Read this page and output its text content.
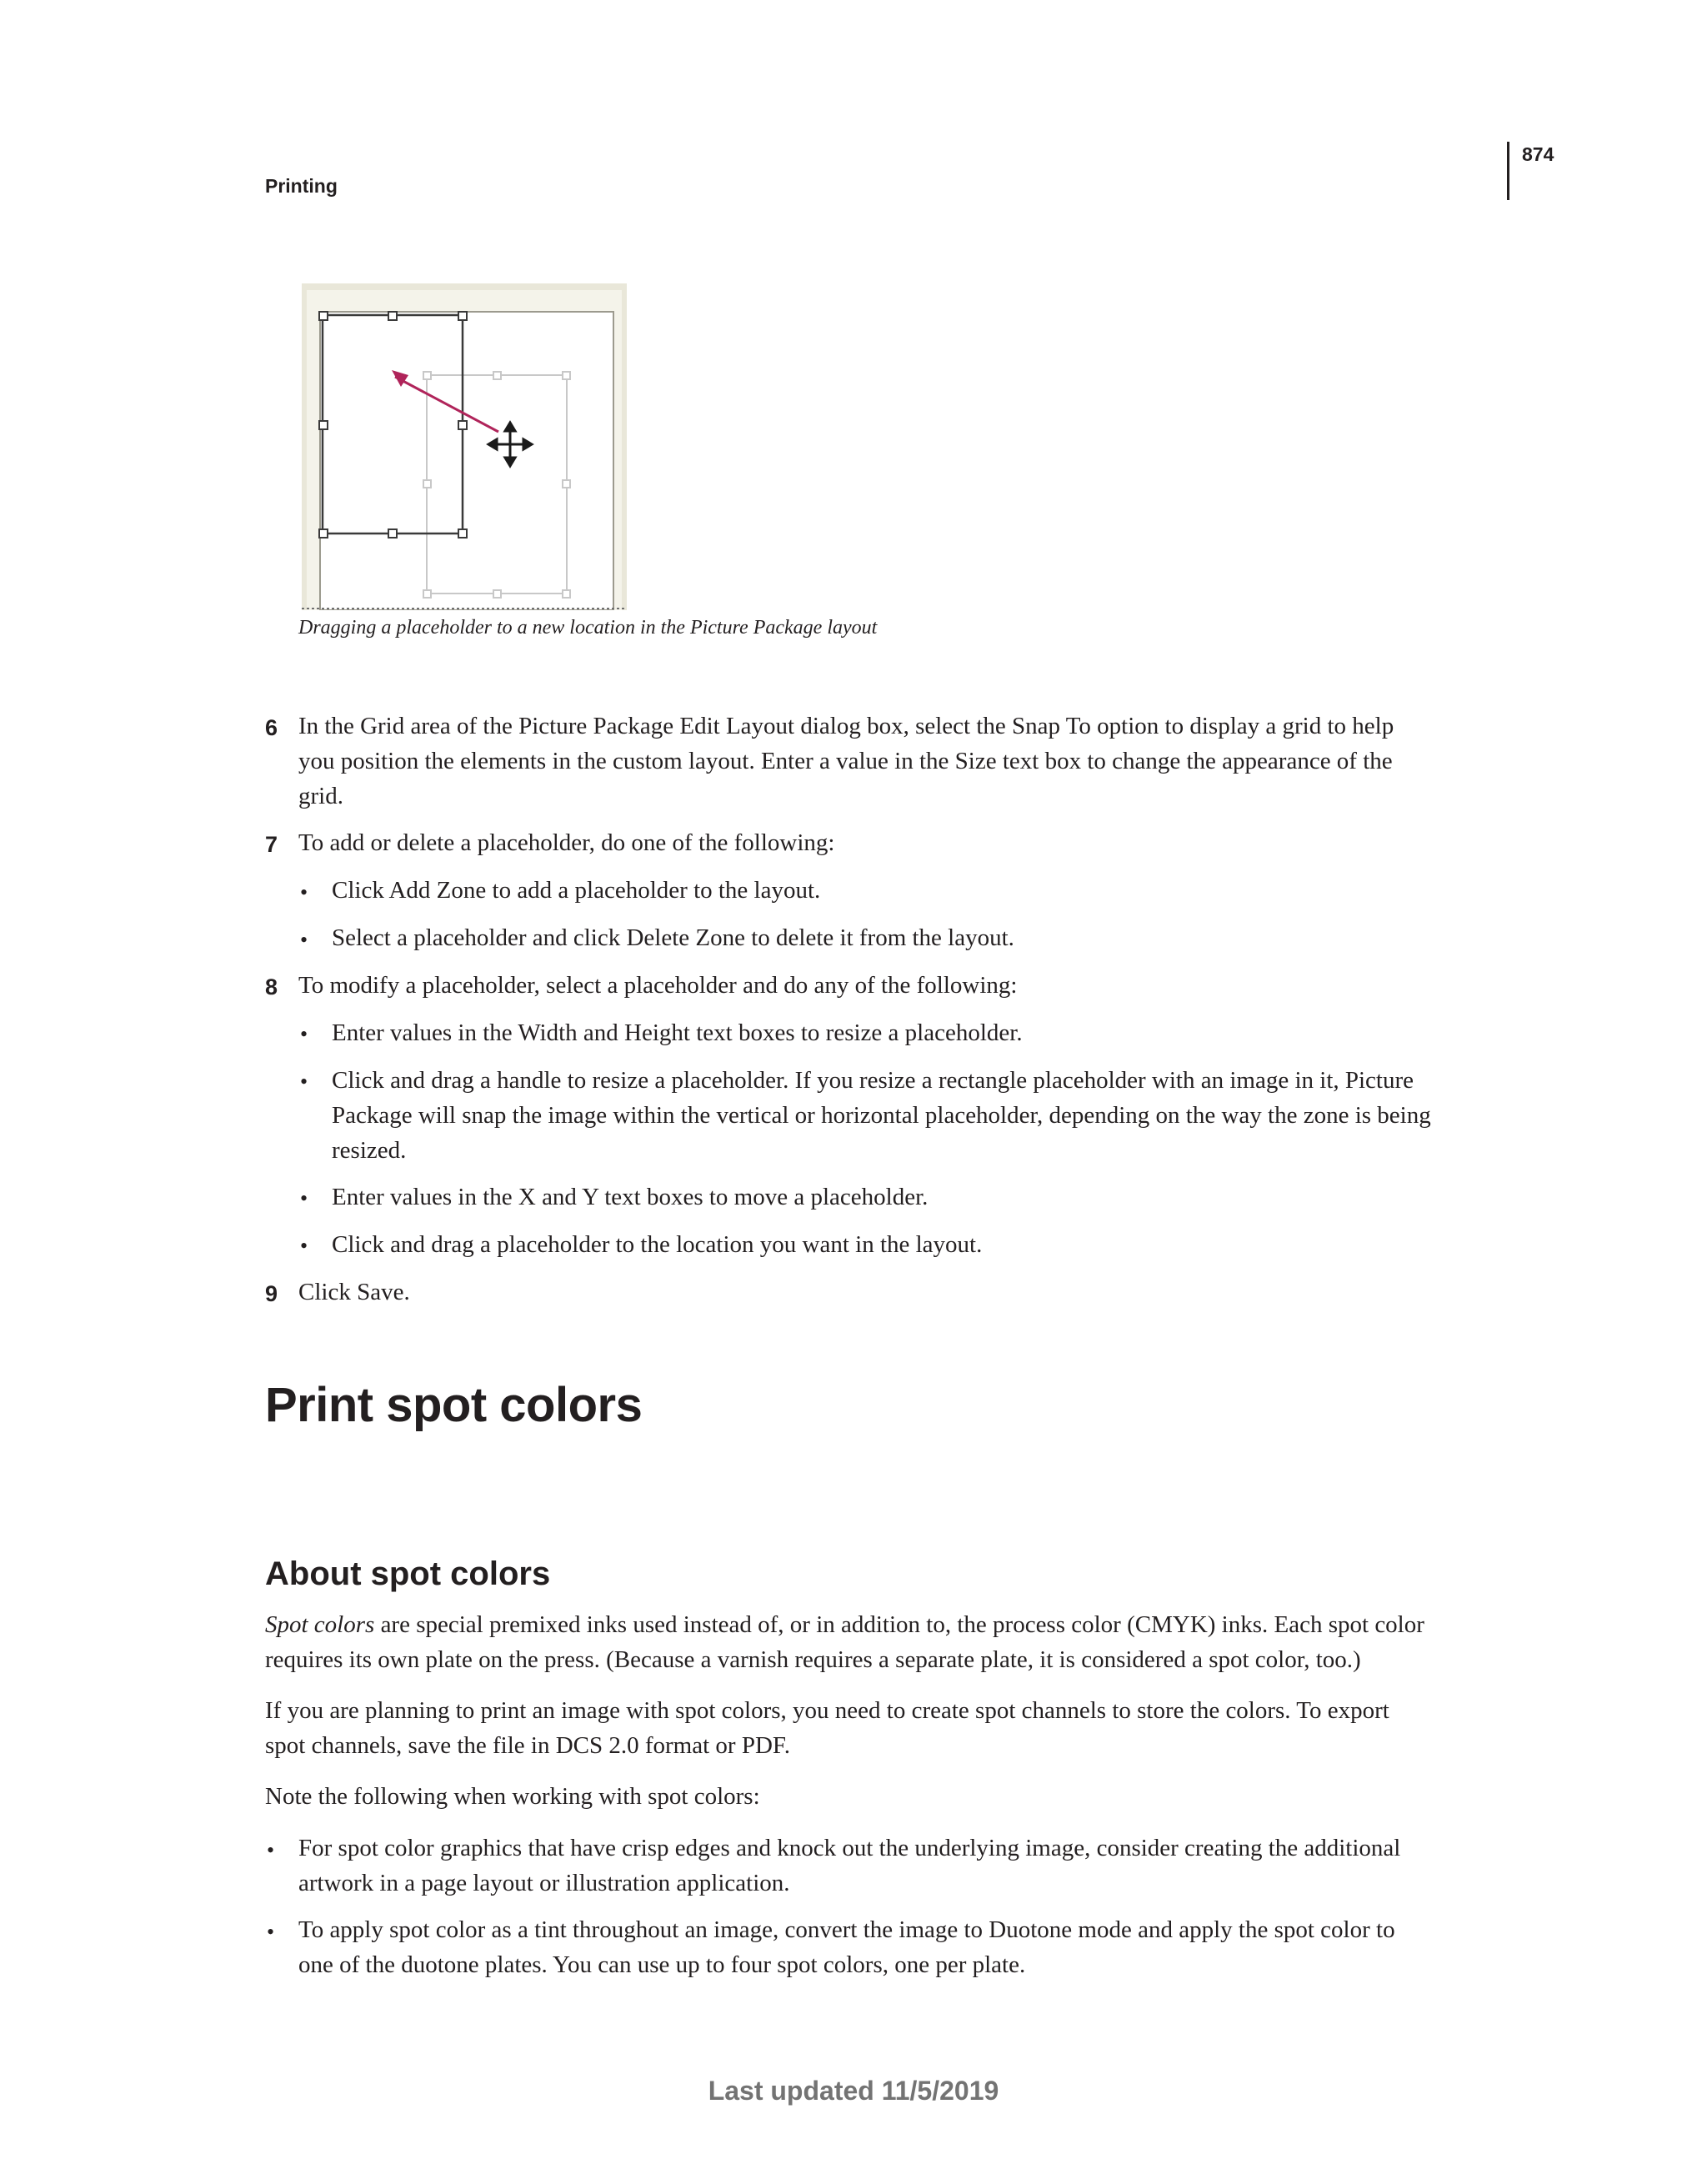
Printing
874
Dragging a placeholder to a new location in the Picture Package layout
6 In the Grid area of the Picture Package Edit Layout dialog box, select the Snap To option to display a grid to help
you position the elements in the custom layout. Enter a value in the Size text box to change the appearance of the
grid.
7 To add or delete a placeholder, do one of the following:
• Click Add Zone to add a placeholder to the layout.
• Select a placeholder and click Delete Zone to delete it from the layout.
8 To modify a placeholder, select a placeholder and do any of the following:
• Enter values in the Width and Height text boxes to resize a placeholder.
• Click and drag a handle to resize a placeholder. If you resize a rectangle placeholder with an image in it, Picture
Package will snap the image within the vertical or horizontal placeholder, depending on the way the zone is being
resized.
• Enter values in the X and Y text boxes to move a placeholder.
• Click and drag a placeholder to the location you want in the layout.
9 Click Save.
Print spot colors
About spot colors
Spot colors are special premixed inks used instead of, or in addition to, the process color (CMYK) inks. Each spot color
requires its own plate on the press. (Because a varnish requires a separate plate, it is considered a spot color, too.)
If you are planning to print an image with spot colors, you need to create spot channels to store the colors. To export
spot channels, save the file in DCS 2.0 format or PDF.
Note the following when working with spot colors:
• For spot color graphics that have crisp edges and knock out the underlying image, consider creating the additional
artwork in a page layout or illustration application.
• To apply spot color as a tint throughout an image, convert the image to Duotone mode and apply the spot color to
one of the duotone plates. You can use up to four spot colors, one per plate.
Last updated 11/5/2019
